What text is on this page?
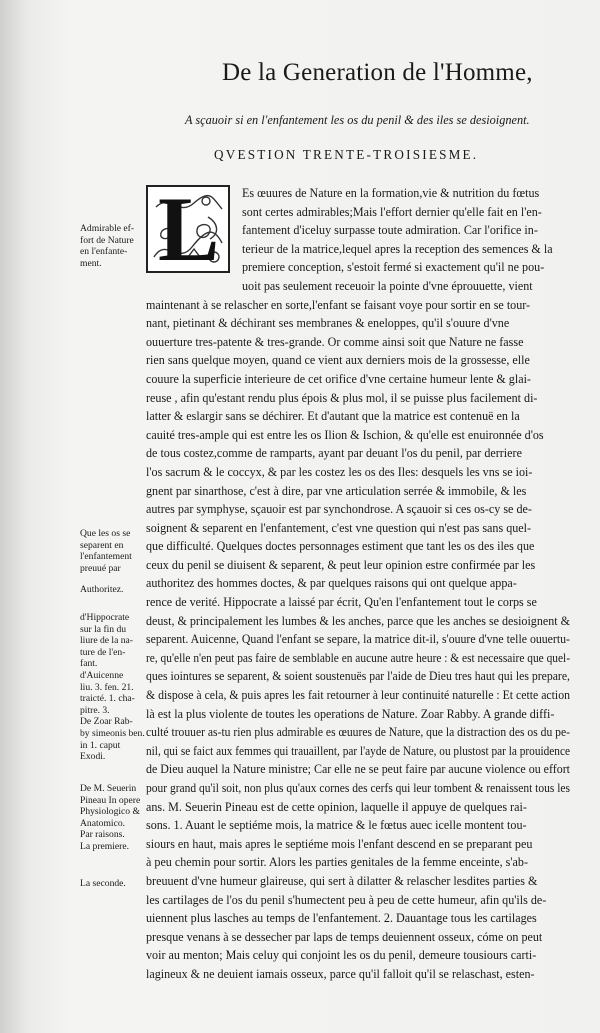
De la Generation de l'Homme,
A sçauoir si en l'enfantement les os du penil & des iles se desioignent.
QVESTION TRENTE-TROISIESME.
Es œuures de Nature en la formation,vie & nutrition du fœtus
sont certes admirables;Mais l'effort dernier qu'elle fait en l'en-
fantement d'iceluy surpasse toute admiration. Car l'orifice in-
terieur de la matrice,lequel apres la reception des semences & la
premiere conception, s'estoit fermé si exactement qu'il ne pou-
uoit pas seulement receuoir la pointe d'vne éprouuette, vient
maintenant à se relascher en sorte,l'enfant se faisant voye pour sortir en se tour-
nant, pietinant & déchirant ses membranes & eneloppes, qu'il s'ouure d'vne
ouuerture tres-patente & tres-grande. Or comme ainsi soit que Nature ne fasse
rien sans quelque moyen, quand ce vient aux derniers mois de la grossesse, elle
couure la superficie interieure de cet orifice d'vne certaine humeur lente & glai-
reuse , afin qu'estant rendu plus épois & plus mol, il se puisse plus facilement di-
latter & eslargir sans se déchirer. Et d'autant que la matrice est contenuë en la
cauité tres-ample qui est entre les os Ilion & Ischion, & qu'elle est enuironnée d'os
de tous costez,comme de ramparts, ayant par deuant l'os du penil, par derriere
l'os sacrum & le coccyx, & par les costez les os des Iles: desquels les vns se ioi-
gnent par sinarthose, c'est à dire, par vne articulation serrée & immobile, & les
autres par symphyse, sçauoir est par synchondrose. A sçauoir si ces os-cy se de-
soignent & separent en l'enfantement, c'est vne question qui n'est pas sans quel-
que difficulté. Quelques doctes personnages estiment que tant les os des iles que
ceux du penil se diuisent & separent, & peut leur opinion estre confirmée par les
authoritez des hommes doctes, & par quelques raisons qui ont quelque appa-
rence de verité. Hippocrate a laissé par écrit, Qu'en l'enfantement tout le corps se
deust, & principalement les lumbes & les anches, parce que les anches se desioignent &
separent. Auicenne, Quand l'enfant se separe, la matrice dit-il, s'ouure d'vne telle ouuertu-
re, qu'elle n'en peut pas faire de semblable en aucune autre heure : & est necessaire que quel-
ques iointures se separent, & soient soustenuës par l'aide de Dieu tres haut qui les prepare,
& dispose à cela, & puis apres les fait retourner à leur continuité naturelle : Et cette action
là est la plus violente de toutes les operations de Nature. Zoar Rabby. A grande diffi-
culté trouuer as-tu rien plus admirable es œuures de Nature, que la distraction des os du pe-
nil, qui se faict aux femmes qui trauaillent, par l'ayde de Nature, ou plustost par la prouidence
de Dieu auquel la Nature ministre; Car elle ne se peut faire par aucune violence ou effort
pour grand qu'il soit, non plus qu'aux cornes des cerfs qui leur tombent & renaissent tous les
ans. M. Seuerin Pineau est de cette opinion, laquelle il appuye de quelques rai-
sons. 1. Auant le septiéme mois, la matrice & le fœtus auec icelle montent tou-
siours en haut, mais apres le septiéme mois l'enfant descend en se preparant peu
à peu chemin pour sortir. Alors les parties genitales de la femme enceinte, s'ab-
breuuent d'vne humeur glaireuse, qui sert à dilatter & relascher lesdites parties &
les cartilages de l'os du penil s'humectent peu à peu de cette humeur, afin qu'ils de-
uiennent plus lasches au temps de l'enfantement. 2. Dauantage tous les cartilages
presque venans à se dessecher par laps de temps deuiennent osseux, cóme on peut
voir au menton; Mais celuy qui conjoint les os du penil, demeure tousiours carti-
lagineux & ne deuient iamais osseux, parce qu'il falloit qu'il se relaschast, esten-
L
Admirable ef-
fort de Nature
en l'enfante-
ment.
Que les os se
separent en
l'enfantement
preuué par
Authoritez.
d'Hippocrate
sur la fin du
liure de la na-
ture de l'en-
fant.
d'Auicenne
liu. 3. fen. 21.
traicté. 1. cha-
pitre. 3.
De Zoar Rab-
by simeonis ben.
in 1. caput
Exodi.
De M. Seuerin
Pineau In opere
Physiologico &
Anatomico.
Par raisons.
La premiere.
La seconde.
